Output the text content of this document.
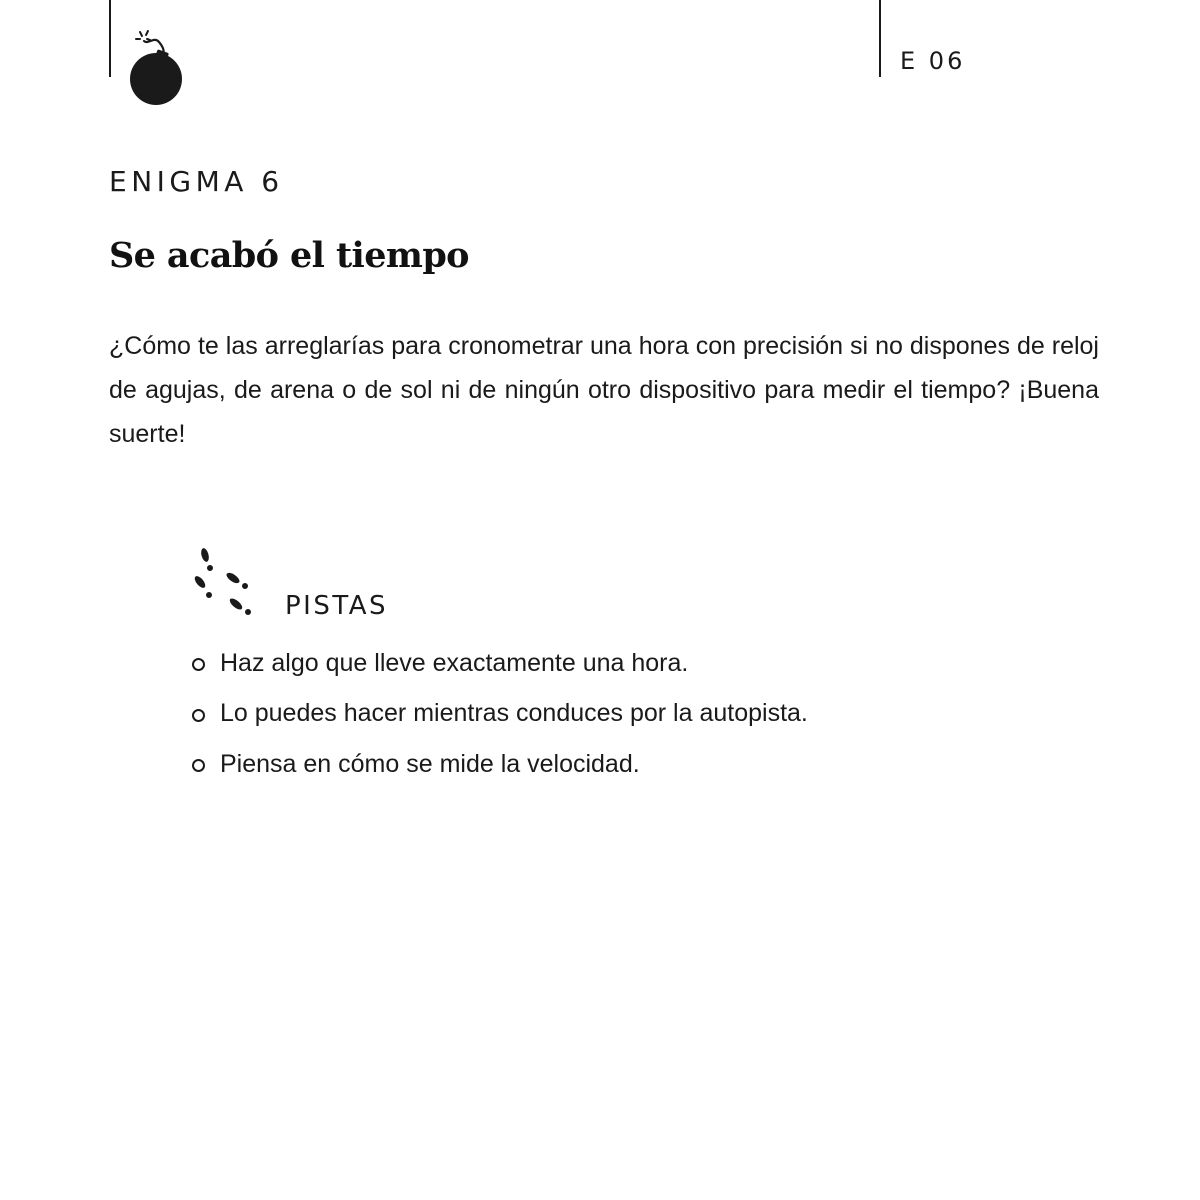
E 06
ENIGMA 6
Se acabó el tiempo

¿Cómo te las arreglarías para cronometrar una hora con precisión si no dispones de reloj de agujas, de arena o de sol ni de ningún otro dispositivo para medir el tiempo? ¡Buena suerte!

PISTAS
Haz algo que lleve exactamente una hora.
Lo puedes hacer mientras conduces por la autopista.
Piensa en cómo se mide la velocidad.
